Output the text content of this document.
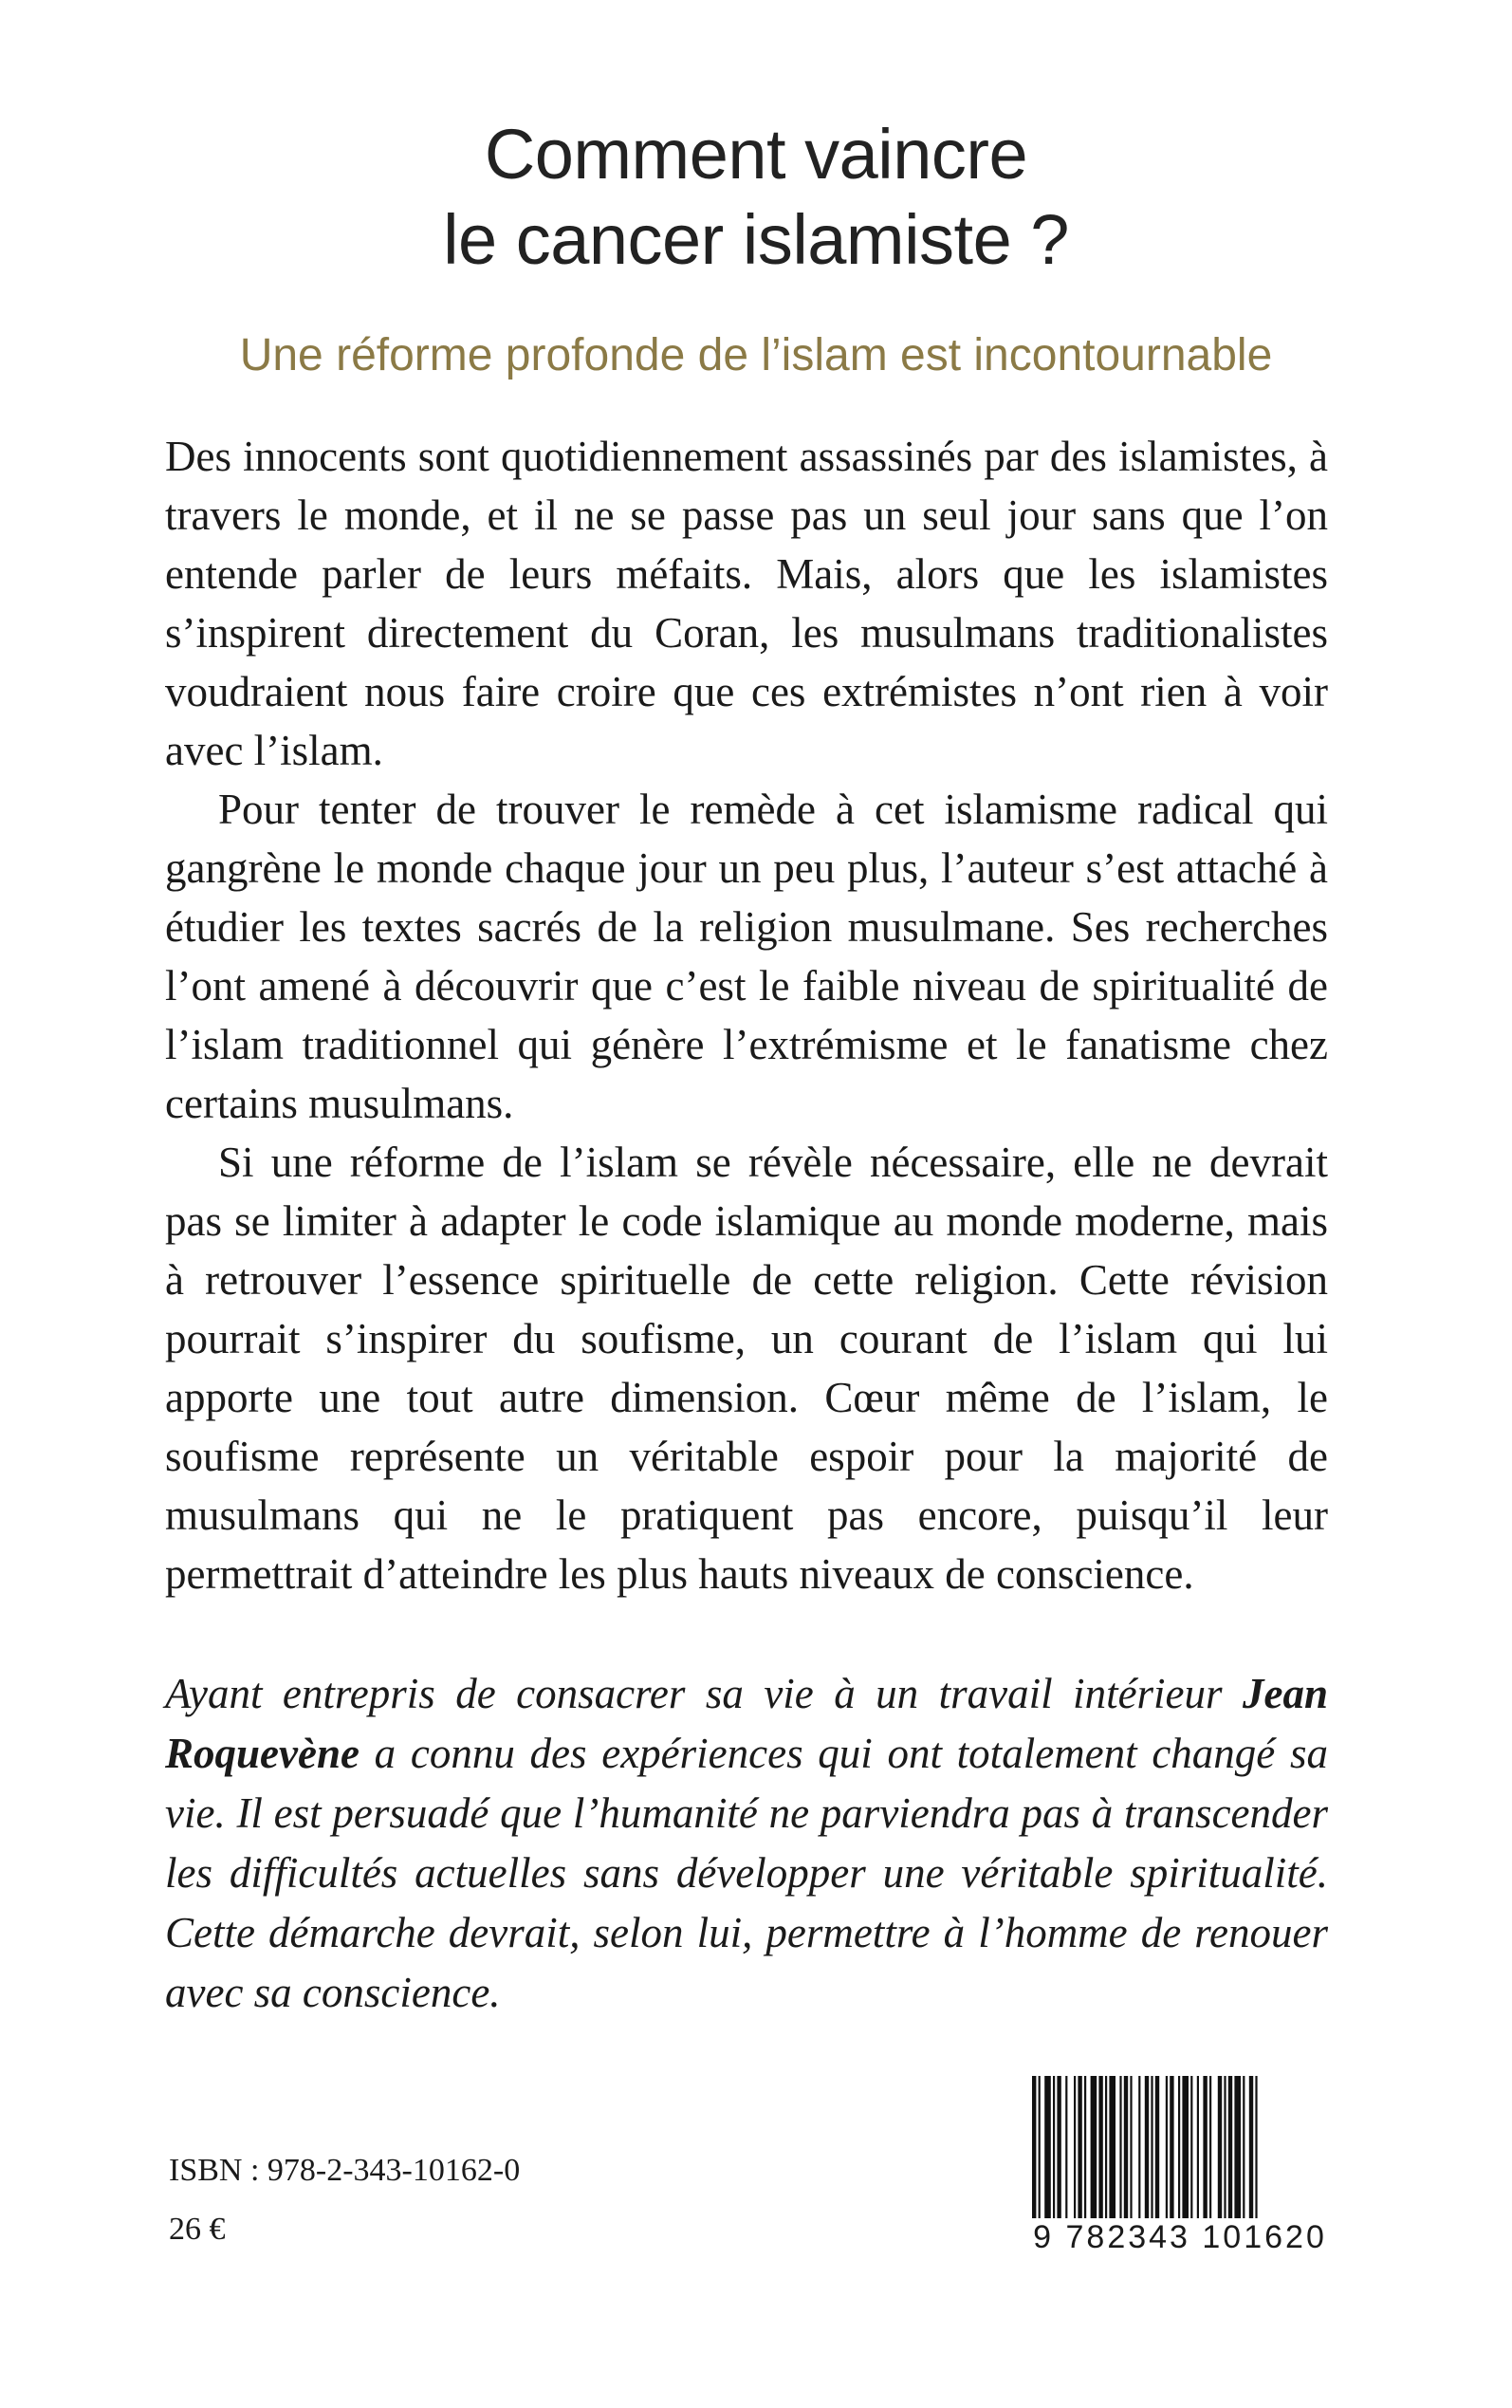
Comment vaincre
le cancer islamiste ?
Une réforme profonde de l’islam est incontournable

Des innocents sont quotidiennement assassinés par des islamistes, à travers le monde, et il ne se passe pas un seul jour sans que l’on entende parler de leurs méfaits. Mais, alors que les islamistes s’inspirent directement du Coran, les musulmans traditionalistes voudraient nous faire croire que ces extrémistes n’ont rien à voir avec l’islam.

Pour tenter de trouver le remède à cet islamisme radical qui gangrène le monde chaque jour un peu plus, l’auteur s’est attaché à étudier les textes sacrés de la religion musulmane. Ses recherches l’ont amené à découvrir que c’est le faible niveau de spiritualité de l’islam traditionnel qui génère l’extrémisme et le fanatisme chez certains musulmans.

Si une réforme de l’islam se révèle nécessaire, elle ne devrait pas se limiter à adapter le code islamique au monde moderne, mais à retrouver l’essence spirituelle de cette religion. Cette révision pourrait s’inspirer du soufisme, un courant de l’islam qui lui apporte une tout autre dimension. Cœur même de l’islam, le soufisme représente un véritable espoir pour la majorité de musulmans qui ne le pratiquent pas encore, puisqu’il leur permettrait d’atteindre les plus hauts niveaux de conscience.

Ayant entrepris de consacrer sa vie à un travail intérieur Jean Roquevène a connu des expériences qui ont totalement changé sa vie. Il est persuadé que l’humanité ne parviendra pas à transcender les difficultés actuelles sans développer une véritable spiritualité. Cette démarche devrait, selon lui, permettre à l’homme de renouer avec sa conscience.

ISBN : 978-2-343-10162-0

26 €	9 782343 101620
